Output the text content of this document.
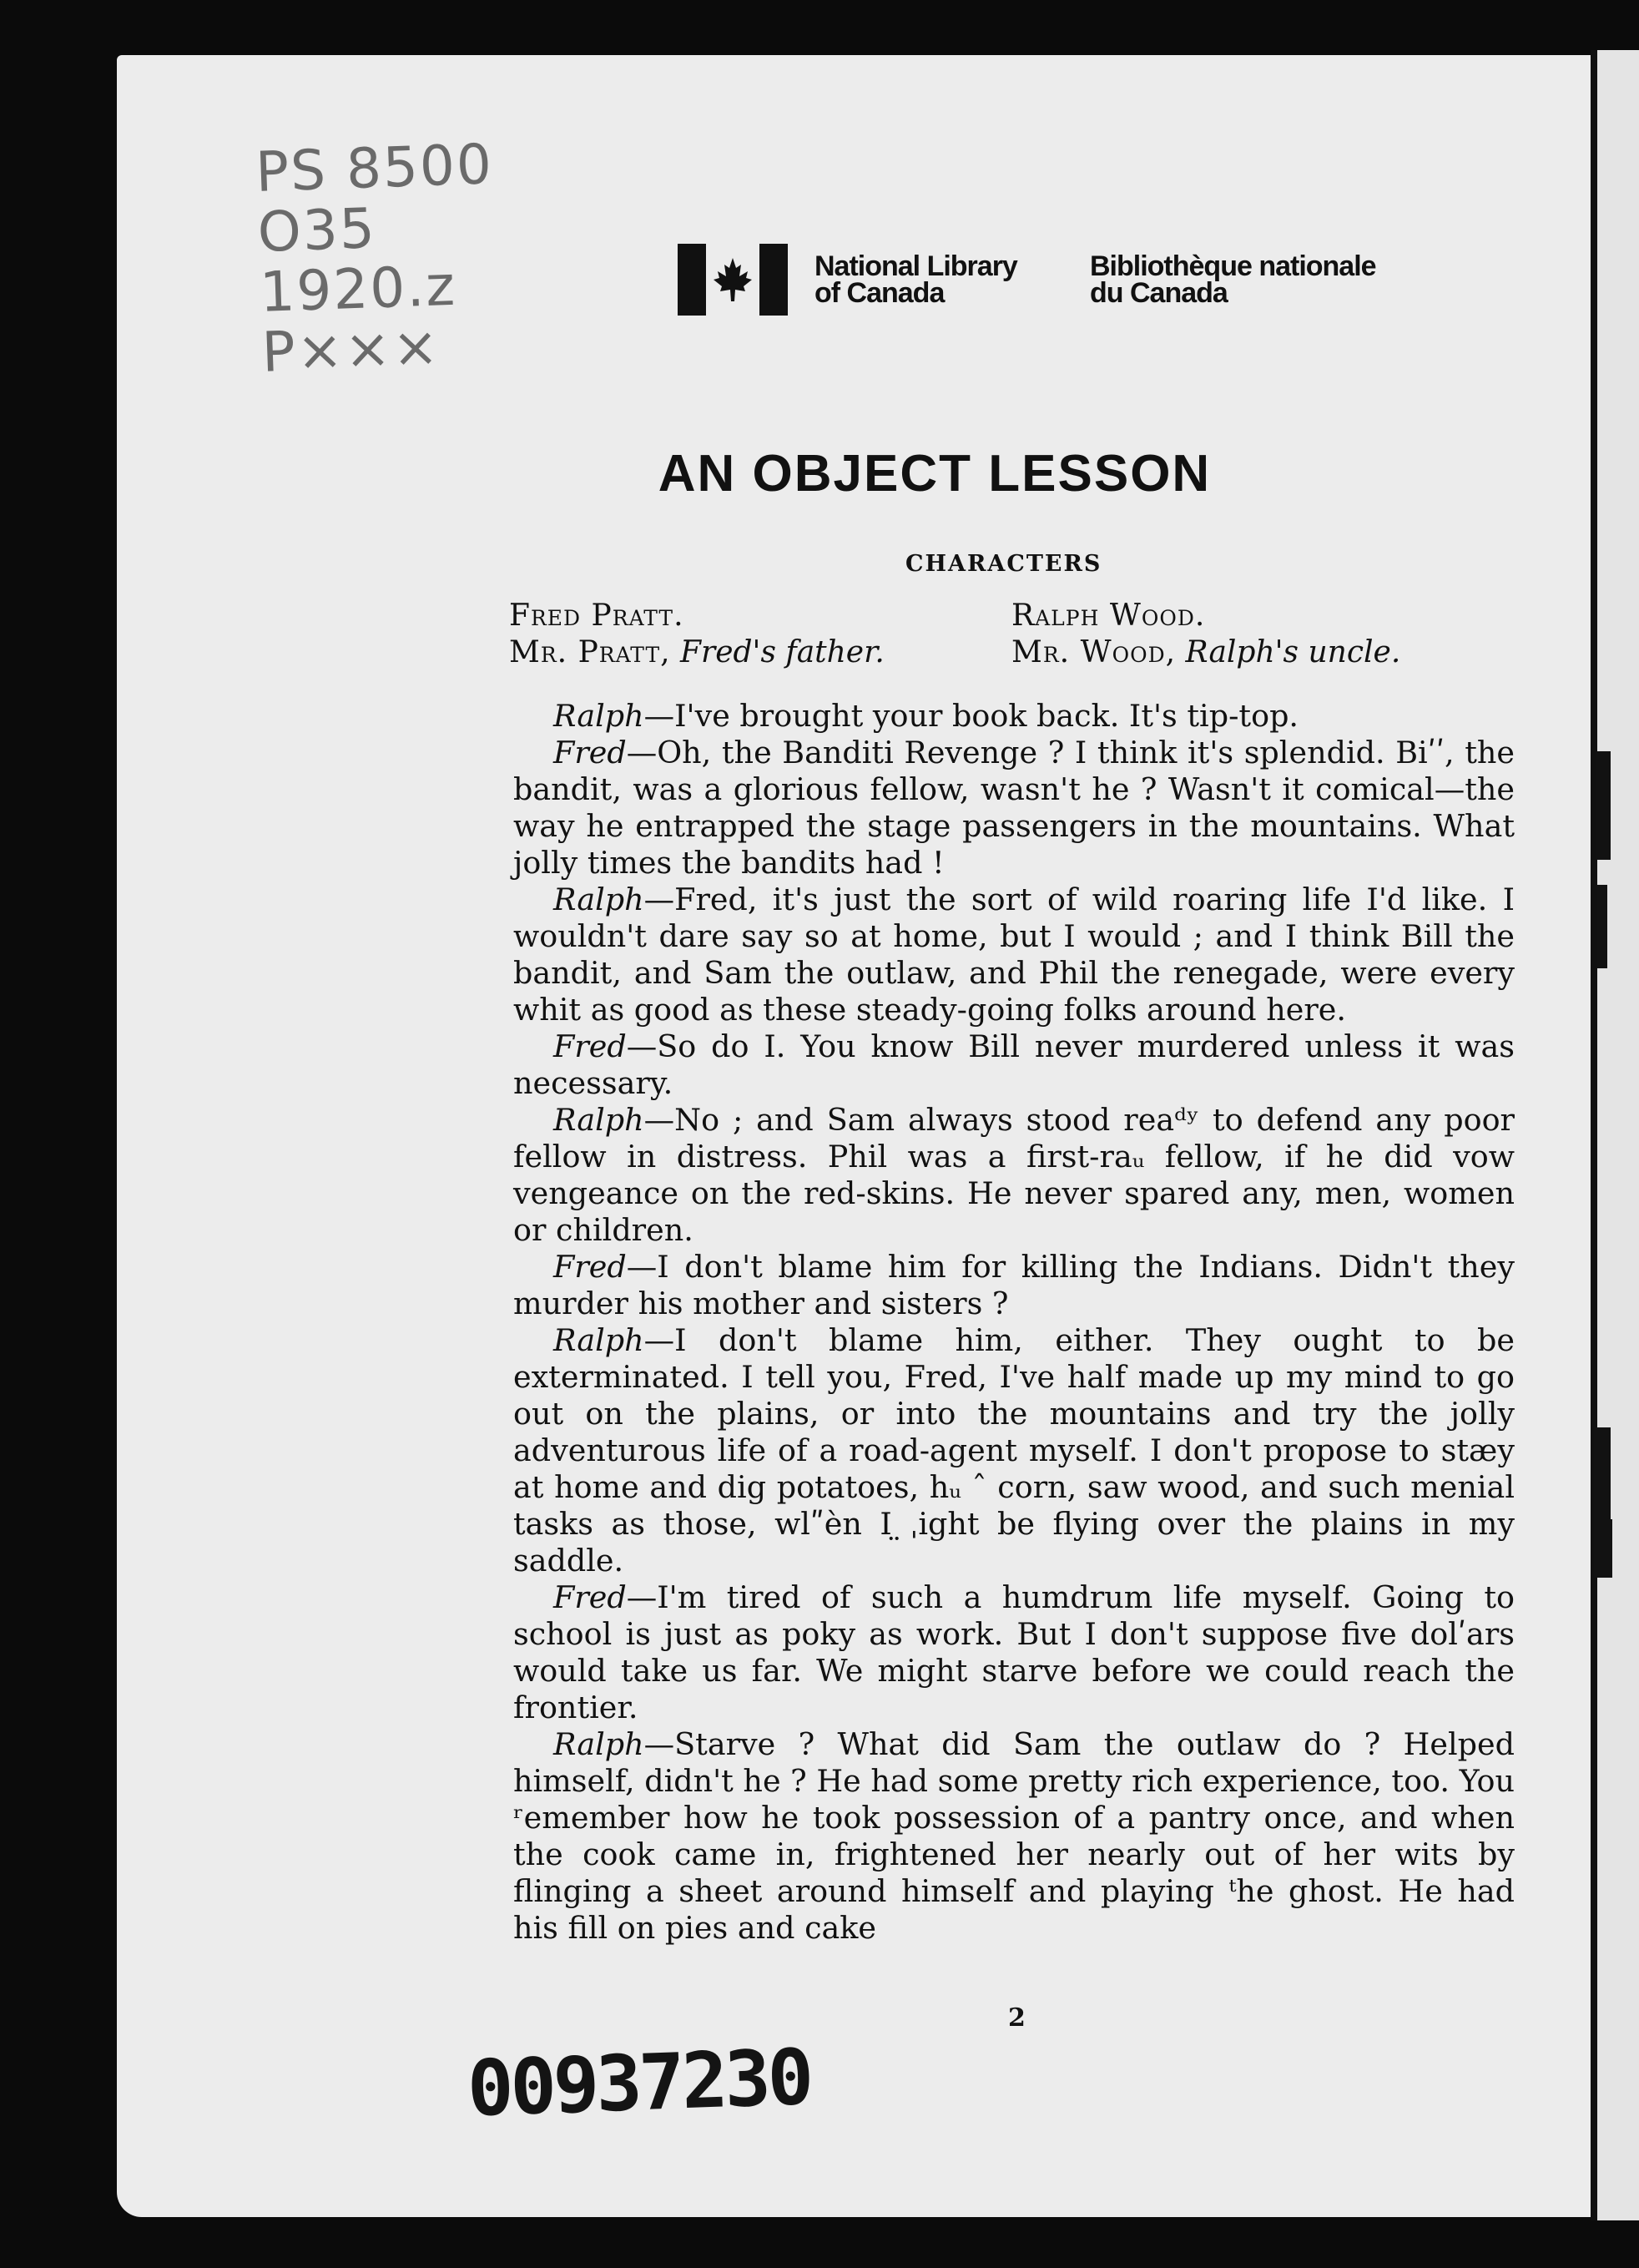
PS 8500
O35
1920.z
P×××
National Library
of Canada
Bibliothèque nationale
du Canada
AN OBJECT LESSON
CHARACTERS
Fred Pratt.
Mr. Pratt, Fred's father.
Ralph Wood.
Mr. Wood, Ralph's uncle.

Ralph—I've brought your book back. It's tip-top.

Fred—Oh, the Banditi Revenge ? I think it's splendid. Biʹʹ, the bandit, was a glorious fellow, wasn't he ? Wasn't it comical—the way he entrapped the stage passengers in the mountains. What jolly times the bandits had !

Ralph—Fred, it's just the sort of wild roaring life I'd like. I wouldn't dare say so at home, but I would ; and I think Bill the bandit, and Sam the outlaw, and Phil the renegade, were every whit as good as these steady-going folks around here.

Fred—So do I. You know Bill never murdered unless it was necessary.

Ralph—No ; and Sam always stood reaᵈʸ to defend any poor fellow in distress. Phil was a first-raᵤ fellow, if he did vow vengeance on the red-skins. He never spared any, men, women or children.

Fred—I don't blame him for killing the Indians. Didn't they murder his mother and sisters ?

Ralph—I don't blame him, either. They ought to be exterminated. I tell you, Fred, I've half made up my mind to go out on the plains, or into the mountains and try the jolly adventurous life of a road-agent myself. I don't propose to stæy at home and dig potatoes, hᵤ ˆ corn, saw wood, and such menial tasks as those, wlʺèn I ̤ˌight be flying over the plains in my saddle.

Fred—I'm tired of such a humdrum life myself. Going to school is just as poky as work. But I don't suppose five dolʹars would take us far. We might starve before we could reach the frontier.

Ralph—Starve ? What did Sam the outlaw do ? Helped himself, didn't he ? He had some pretty rich experience, too. You ʳemember how he took possession of a pantry once, and when the cook came in, frightened her nearly out of her wits by flinging a sheet around himself and playing ᵗhe ghost. He had his fill on pies and cake

2
00937230
